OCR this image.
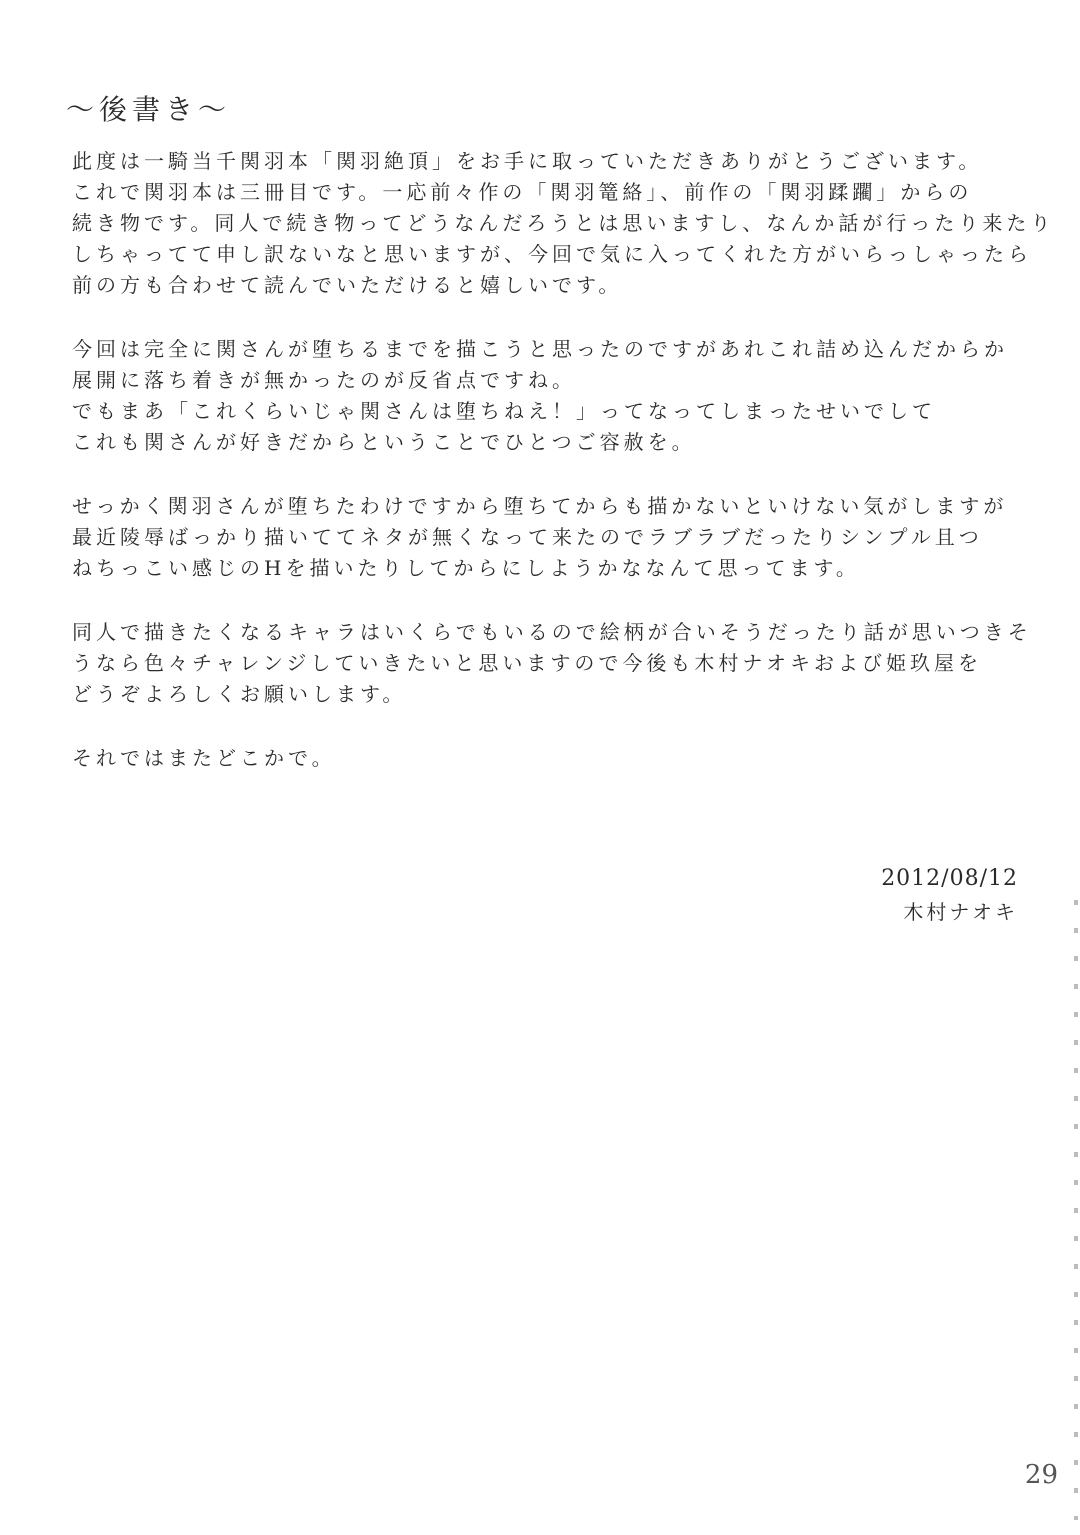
～後書き～

此度は一騎当千関羽本「関羽絶頂」をお手に取っていただきありがとうございます。
これで関羽本は三冊目です。一応前々作の「関羽篭絡」、前作の「関羽蹂躙」からの
続き物です。同人で続き物ってどうなんだろうとは思いますし、なんか話が行ったり来たり
しちゃってて申し訳ないなと思いますが、今回で気に入ってくれた方がいらっしゃったら
前の方も合わせて読んでいただけると嬉しいです。

今回は完全に関さんが堕ちるまでを描こうと思ったのですがあれこれ詰め込んだからか
展開に落ち着きが無かったのが反省点ですね。
でもまあ「これくらいじゃ関さんは堕ちねえ！」ってなってしまったせいでして
これも関さんが好きだからということでひとつご容赦を。

せっかく関羽さんが堕ちたわけですから堕ちてからも描かないといけない気がしますが
最近陵辱ばっかり描いててネタが無くなって来たのでラブラブだったりシンプル且つ
ねちっこい感じのHを描いたりしてからにしようかななんて思ってます。

同人で描きたくなるキャラはいくらでもいるので絵柄が合いそうだったり話が思いつきそ
うなら色々チャレンジしていきたいと思いますので今後も木村ナオキおよび姫玖屋を
どうぞよろしくお願いします。

それではまたどこかで。

2012/08/12
木村ナオキ
29
